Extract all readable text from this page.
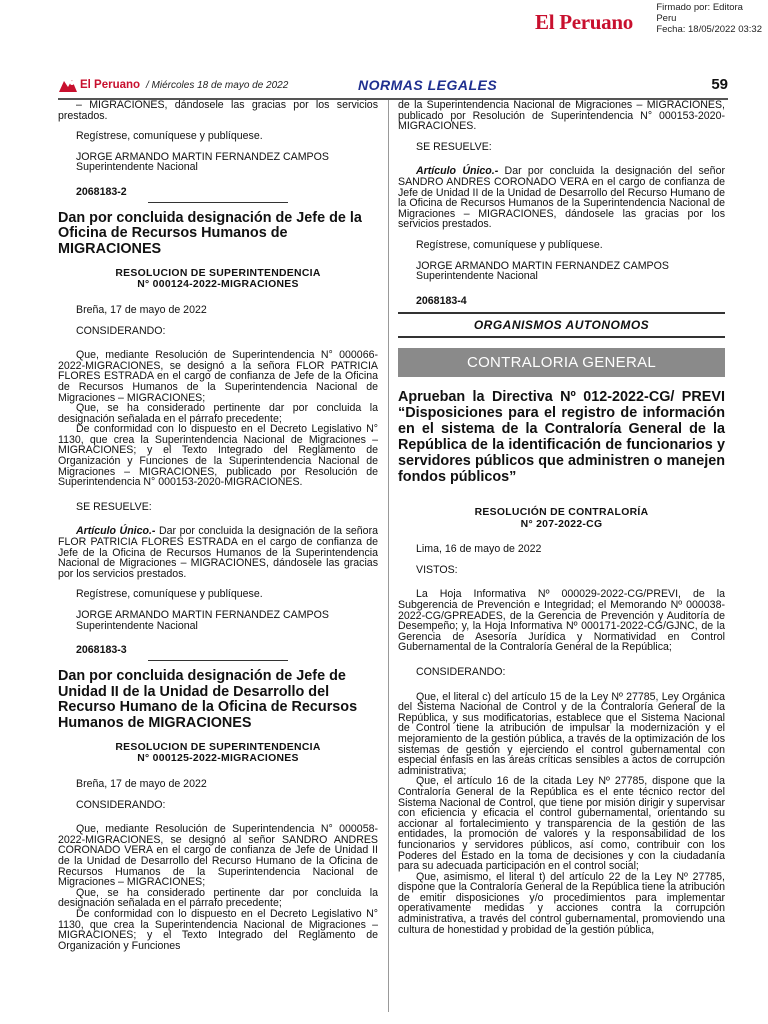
Firmado por: Editora
Peru
Fecha: 18/05/2022 03:32
El Peruano
El Peruano / Miércoles 18 de mayo de 2022	NORMAS LEGALES	59

– MIGRACIONES, dándosele las gracias por los servicios prestados.

Regístrese, comuníquese y publíquese.

JORGE ARMANDO MARTIN FERNANDEZ CAMPOS

Superintendente Nacional

2068183-2

Dan por concluida designación de Jefe de la Oficina de Recursos Humanos de MIGRACIONES

RESOLUCION DE SUPERINTENDENCIA

N° 000124-2022-MIGRACIONES

Breña, 17 de mayo de 2022

CONSIDERANDO:

Que, mediante Resolución de Superintendencia N° 000066-2022-MIGRACIONES, se designó a la señora FLOR PATRICIA FLORES ESTRADA en el cargo de confianza de Jefe de la Oficina de Recursos Humanos de la Superintendencia Nacional de Migraciones – MIGRACIONES;

Que, se ha considerado pertinente dar por concluida la designación señalada en el párrafo precedente;

De conformidad con lo dispuesto en el Decreto Legislativo N° 1130, que crea la Superintendencia Nacional de Migraciones – MIGRACIONES; y el Texto Integrado del Reglamento de Organización y Funciones de la Superintendencia Nacional de Migraciones – MIGRACIONES, publicado por Resolución de Superintendencia N° 000153-2020-MIGRACIONES.

SE RESUELVE:

Artículo Único.- Dar por concluida la designación de la señora FLOR PATRICIA FLORES ESTRADA en el cargo de confianza de Jefe de la Oficina de Recursos Humanos de la Superintendencia Nacional de Migraciones – MIGRACIONES, dándosele las gracias por los servicios prestados.

Regístrese, comuníquese y publíquese.

JORGE ARMANDO MARTIN FERNANDEZ CAMPOS

Superintendente Nacional

2068183-3

Dan por concluida designación de Jefe de Unidad II de la Unidad de Desarrollo del Recurso Humano de la Oficina de Recursos Humanos de MIGRACIONES

RESOLUCION DE SUPERINTENDENCIA

N° 000125-2022-MIGRACIONES

Breña, 17 de mayo de 2022

CONSIDERANDO:

Que, mediante Resolución de Superintendencia N° 000058-2022-MIGRACIONES, se designó al señor SANDRO ANDRES CORONADO VERA en el cargo de confianza de Jefe de Unidad II de la Unidad de Desarrollo del Recurso Humano de la Oficina de Recursos Humanos de la Superintendencia Nacional de Migraciones – MIGRACIONES;

Que, se ha considerado pertinente dar por concluida la designación señalada en el párrafo precedente;

De conformidad con lo dispuesto en el Decreto Legislativo N° 1130, que crea la Superintendencia Nacional de Migraciones – MIGRACIONES; y el Texto Integrado del Reglamento de Organización y Funciones

de la Superintendencia Nacional de Migraciones – MIGRACIONES, publicado por Resolución de Superintendencia N° 000153-2020-MIGRACIONES.

SE RESUELVE:

Artículo Único.- Dar por concluida la designación del señor SANDRO ANDRES CORONADO VERA en el cargo de confianza de Jefe de Unidad II de la Unidad de Desarrollo del Recurso Humano de la Oficina de Recursos Humanos de la Superintendencia Nacional de Migraciones – MIGRACIONES, dándosele las gracias por los servicios prestados.

Regístrese, comuníquese y publíquese.

JORGE ARMANDO MARTIN FERNANDEZ CAMPOS

Superintendente Nacional

2068183-4

ORGANISMOS AUTONOMOS
CONTRALORIA GENERAL
Aprueban la Directiva Nº 012-2022-CG/ PREVI “Disposiciones para el registro de información en el sistema de la Contraloría General de la República de la identificación de funcionarios y servidores públicos que administren o manejen fondos públicos”

RESOLUCIÓN DE CONTRALORÍA

N° 207-2022-CG

Lima, 16 de mayo de 2022

VISTOS:

La Hoja Informativa Nº 000029-2022-CG/PREVI, de la Subgerencia de Prevención e Integridad; el Memorando Nº 000038-2022-CG/GPREADES, de la Gerencia de Prevención y Auditoría de Desempeño; y, la Hoja Informativa Nº 000171-2022-CG/GJNC, de la Gerencia de Asesoría Jurídica y Normatividad en Control Gubernamental de la Contraloría General de la República;

CONSIDERANDO:

Que, el literal c) del artículo 15 de la Ley Nº 27785, Ley Orgánica del Sistema Nacional de Control y de la Contraloría General de la República, y sus modificatorias, establece que el Sistema Nacional de Control tiene la atribución de impulsar la modernización y el mejoramiento de la gestión pública, a través de la optimización de los sistemas de gestión y ejerciendo el control gubernamental con especial énfasis en las áreas críticas sensibles a actos de corrupción administrativa;

Que, el artículo 16 de la citada Ley Nº 27785, dispone que la Contraloría General de la República es el ente técnico rector del Sistema Nacional de Control, que tiene por misión dirigir y supervisar con eficiencia y eficacia el control gubernamental, orientando su accionar al fortalecimiento y transparencia de la gestión de las entidades, la promoción de valores y la responsabilidad de los funcionarios y servidores públicos, así como, contribuir con los Poderes del Estado en la toma de decisiones y con la ciudadanía para su adecuada participación en el control social;

Que, asimismo, el literal t) del artículo 22 de la Ley Nº 27785, dispone que la Contraloría General de la República tiene la atribución de emitir disposiciones y/o procedimientos para implementar operativamente medidas y acciones contra la corrupción administrativa, a través del control gubernamental, promoviendo una cultura de honestidad y probidad de la gestión pública,
